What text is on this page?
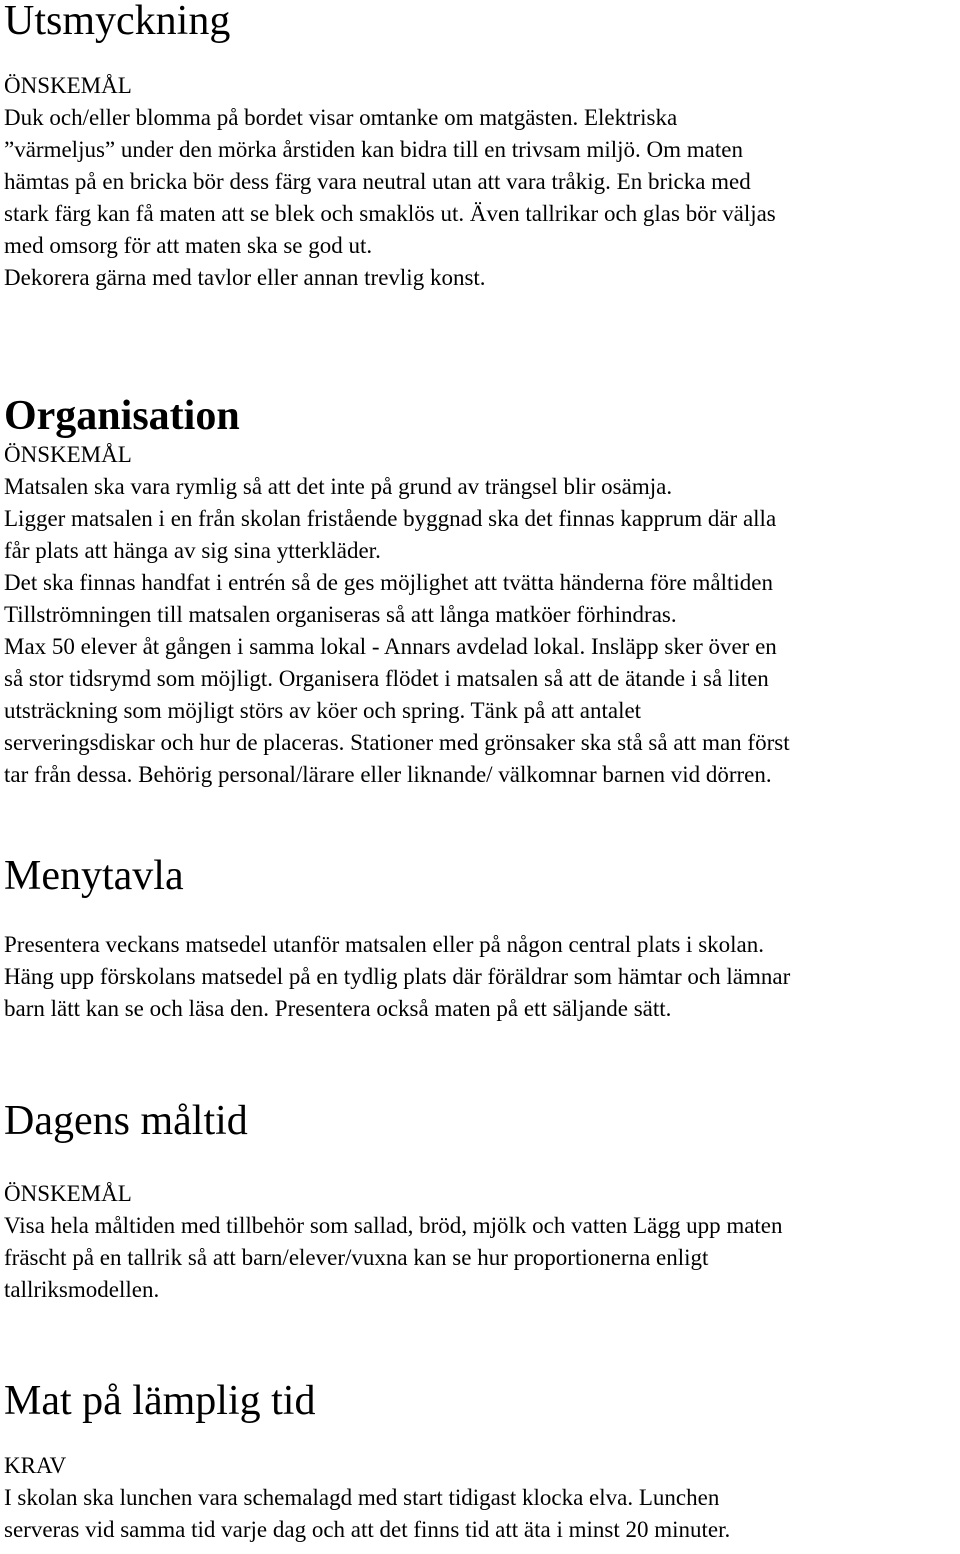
Utsmyckning
ÖNSKEMÅL
Duk och/eller blomma på bordet visar omtanke om matgästen. Elektriska
”värmeljus” under den mörka årstiden kan bidra till en trivsam miljö. Om maten
hämtas på en bricka bör dess färg vara neutral utan att vara tråkig. En bricka med
stark färg kan få maten att se blek och smaklös ut. Även tallrikar och glas bör väljas
med omsorg för att maten ska se god ut.
Dekorera gärna med tavlor eller annan trevlig konst.
Organisation
ÖNSKEMÅL
Matsalen ska vara rymlig så att det inte på grund av trängsel blir osämja.
Ligger matsalen i en från skolan fristående byggnad ska det finnas kapprum där alla
får plats att hänga av sig sina ytterkläder.
Det ska finnas handfat i entrén så de ges möjlighet att tvätta händerna före måltiden
Tillströmningen till matsalen organiseras så att långa matköer förhindras.
Max 50 elever åt gången i samma lokal - Annars avdelad lokal. Insläpp sker över en
så stor tidsrymd som möjligt. Organisera flödet i matsalen så att de ätande i så liten
utsträckning som möjligt störs av köer och spring. Tänk på att antalet
serveringsdiskar och hur de placeras. Stationer med grönsaker ska stå så att man först
tar från dessa. Behörig personal/lärare eller liknande/ välkomnar barnen vid dörren.
Menytavla
Presentera veckans matsedel utanför matsalen eller på någon central plats i skolan.
Häng upp förskolans matsedel på en tydlig plats där föräldrar som hämtar och lämnar
barn lätt kan se och läsa den. Presentera också maten på ett säljande sätt.
Dagens måltid
ÖNSKEMÅL
Visa hela måltiden med tillbehör som sallad, bröd, mjölk och vatten Lägg upp maten
fräscht på en tallrik så att barn/elever/vuxna kan se hur proportionerna enligt
tallriksmodellen.
Mat på lämplig tid
KRAV
I skolan ska lunchen vara schemalagd med start tidigast klocka elva. Lunchen
serveras vid samma tid varje dag och att det finns tid att äta i minst 20 minuter.
